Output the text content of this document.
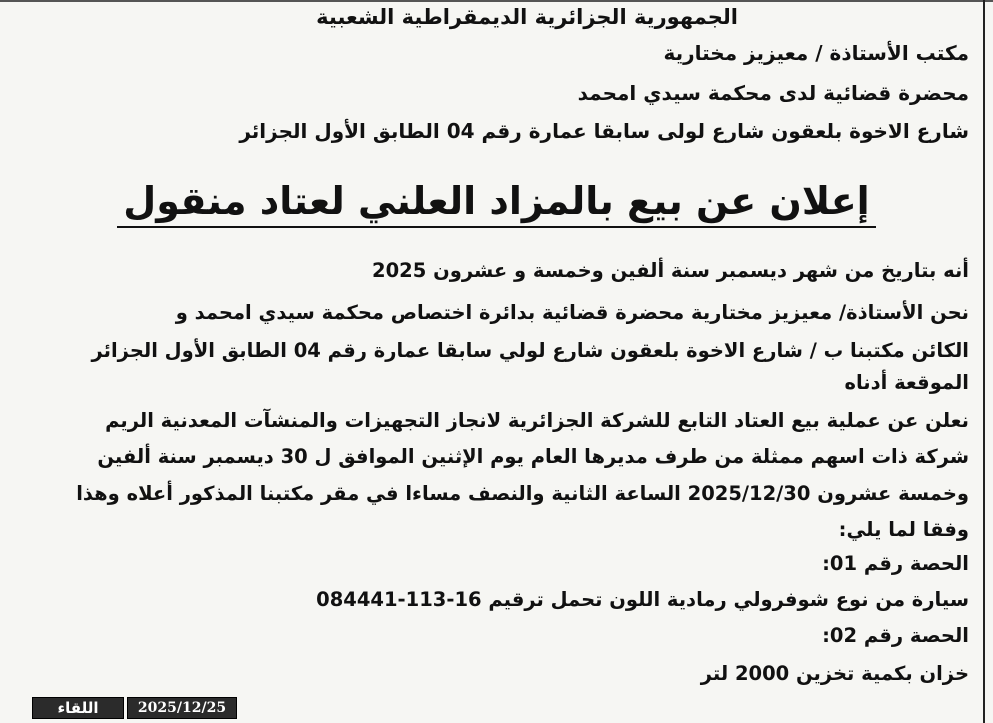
الجمهورية الجزائرية الديمقراطية الشعبية
مكتب الأستاذة / معيزيز مختارية
محضرة قضائية لدى محكمة سيدي امحمد
شارع الاخوة بلعقون شارع لولى سابقا عمارة رقم 04 الطابق الأول الجزائر
إعلان عن بيع بالمزاد العلني لعتاد منقول
أنه بتاريخ من شهر ديسمبر سنة ألفين وخمسة و عشرون 2025
نحن الأستاذة/ معيزيز مختارية محضرة قضائية بدائرة اختصاص محكمة سيدي امحمد و
الكائن مكتبنا ب / شارع الاخوة بلعقون شارع لولي سابقا عمارة رقم 04 الطابق الأول الجزائر
الموقعة أدناه
نعلن عن عملية بيع العتاد التابع للشركة الجزائرية لانجاز التجهيزات والمنشآت المعدنية الريم
شركة ذات اسهم ممثلة من طرف مديرها العام يوم الإثنين الموافق ل 30 ديسمبر سنة ألفين
وخمسة عشرون 2025/12/30 الساعة الثانية والنصف مساءا في مقر مكتبنا المذكور أعلاه وهذا
وفقا لما يلي:
الحصة رقم 01:
سيارة من نوع شوفرولي رمادية اللون تحمل ترقيم 16-113-084441
الحصة رقم 02:
خزان بكمية تخزين 2000 لتر
اللقاء	2025/12/25
